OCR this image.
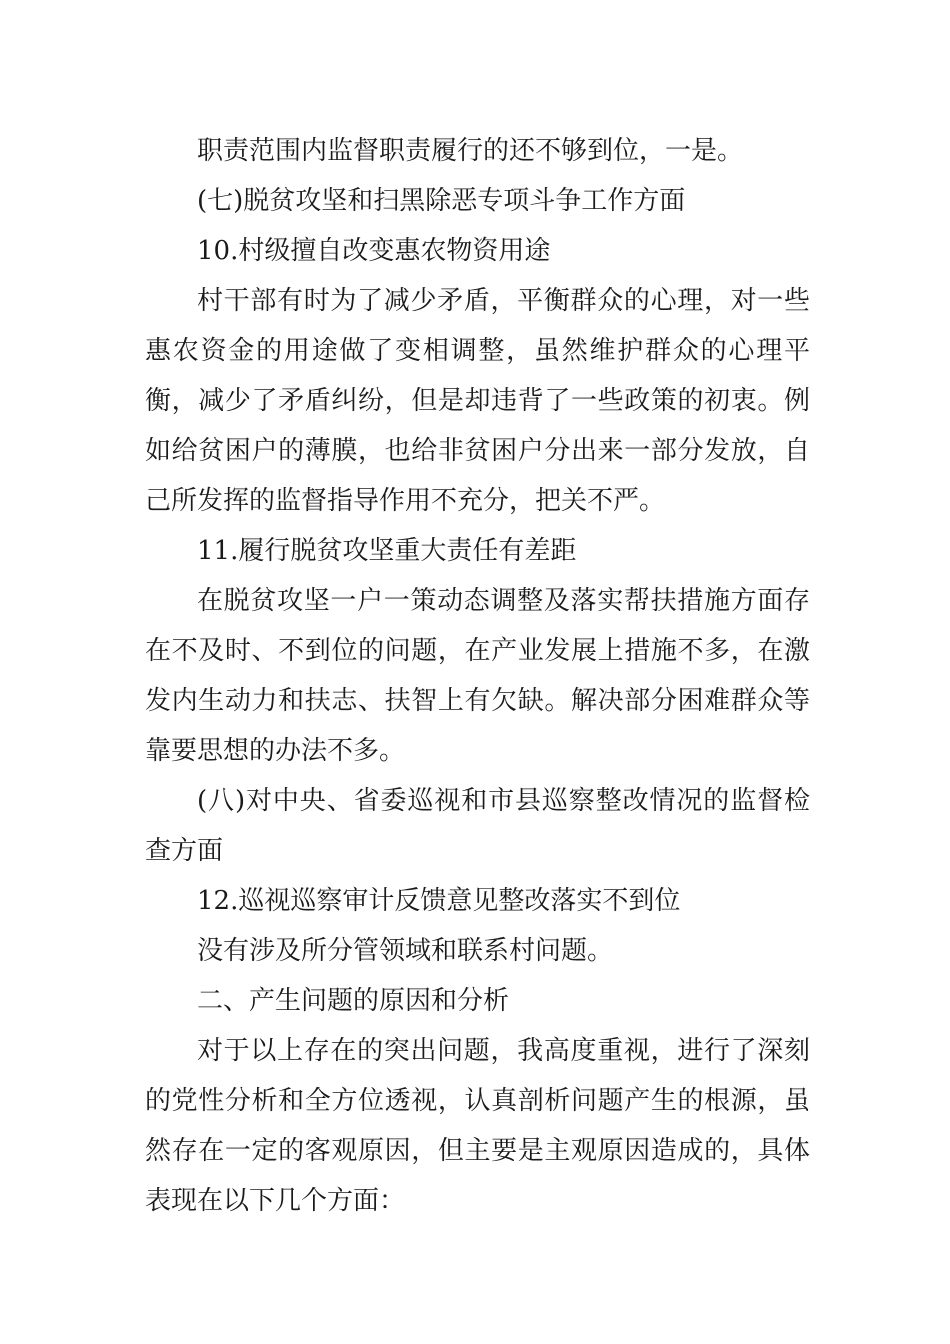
职责范围内监督职责履行的还不够到位，一是。

(七)脱贫攻坚和扫黑除恶专项斗争工作方面

10.村级擅自改变惠农物资用途

村干部有时为了减少矛盾，平衡群众的心理，对一些惠农资金的用途做了变相调整，虽然维护群众的心理平衡，减少了矛盾纠纷，但是却违背了一些政策的初衷。例如给贫困户的薄膜，也给非贫困户分出来一部分发放，自己所发挥的监督指导作用不充分，把关不严。

11.履行脱贫攻坚重大责任有差距

在脱贫攻坚一户一策动态调整及落实帮扶措施方面存在不及时、不到位的问题，在产业发展上措施不多，在激发内生动力和扶志、扶智上有欠缺。解决部分困难群众等靠要思想的办法不多。

(八)对中央、省委巡视和市县巡察整改情况的监督检查方面

12.巡视巡察审计反馈意见整改落实不到位

没有涉及所分管领域和联系村问题。

二、产生问题的原因和分析

对于以上存在的突出问题，我高度重视，进行了深刻的党性分析和全方位透视，认真剖析问题产生的根源，虽然存在一定的客观原因，但主要是主观原因造成的，具体表现在以下几个方面：
